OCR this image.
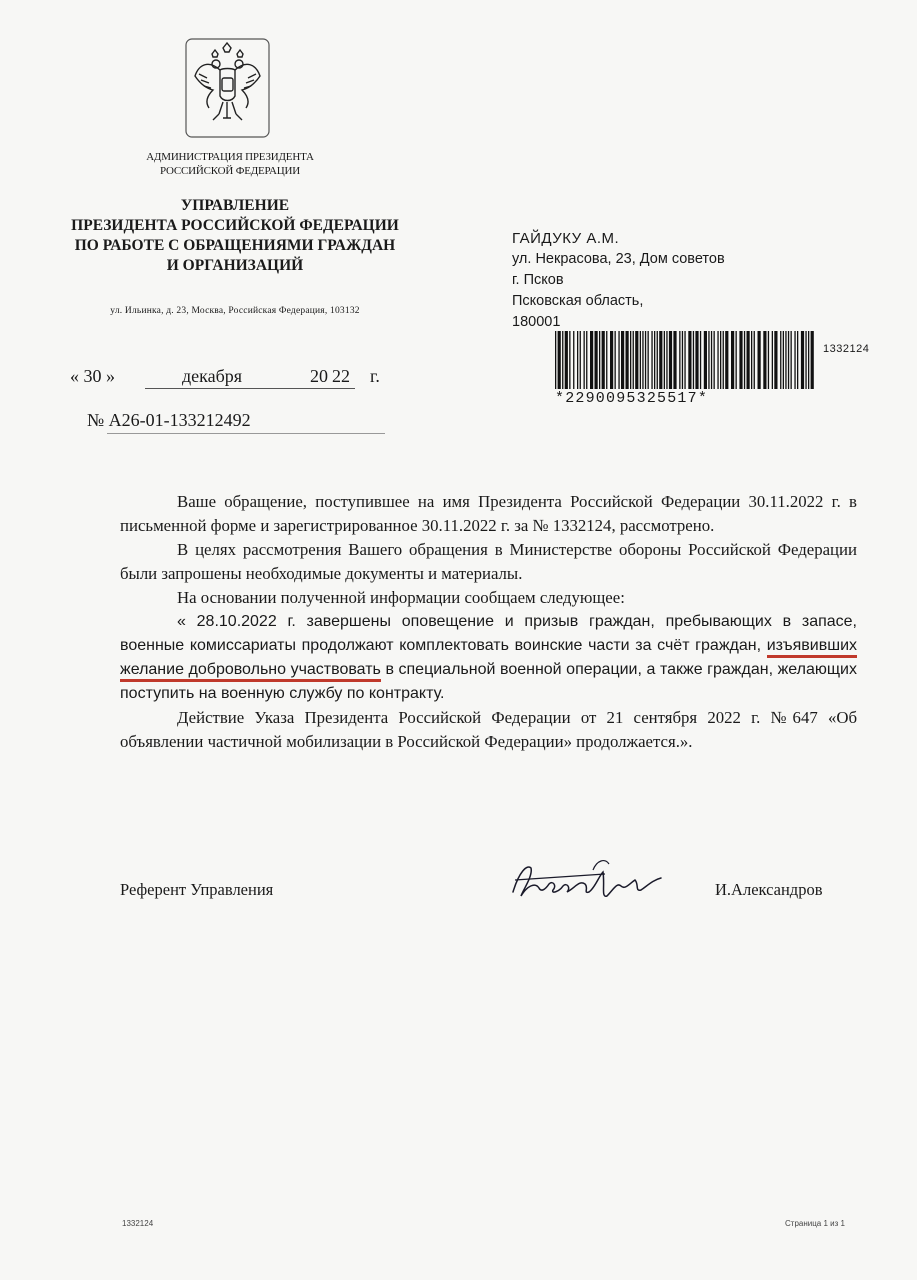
АДМИНИСТРАЦИЯ ПРЕЗИДЕНТА
РОССИЙСКОЙ ФЕДЕРАЦИИ
УПРАВЛЕНИЕ
ПРЕЗИДЕНТА РОССИЙСКОЙ ФЕДЕРАЦИИ
ПО РАБОТЕ С ОБРАЩЕНИЯМИ ГРАЖДАН
И ОРГАНИЗАЦИЙ
ул. Ильинка, д. 23, Москва, Российская Федерация, 103132
« 30 »	декабря	20 22 г.
№ А26-01-133212492
ГАЙДУКУ А.М.
ул. Некрасова, 23, Дом советов
г. Псков
Псковская область,
180001
*2290095325517*
1332124

Ваше обращение, поступившее на имя Президента Российской Федерации 30.11.2022 г. в письменной форме и зарегистрированное 30.11.2022 г. за № 1332124, рассмотрено.

В целях рассмотрения Вашего обращения в Министерстве обороны Российской Федерации были запрошены необходимые документы и материалы.

На основании полученной информации сообщаем следующее:

« 28.10.2022 г. завершены оповещение и призыв граждан, пребывающих в запасе, военные комиссариаты продолжают комплектовать воинские части за счёт граждан, изъявивших желание добровольно участвовать в специальной военной операции, а также граждан, желающих поступить на военную службу по контракту.

Действие Указа Президента Российской Федерации от 21 сентября 2022 г. №647 «Об объявлении частичной мобилизации в Российской Федерации» продолжается.».

Референт Управления	И.Александров
1332124	Страница 1 из 1
